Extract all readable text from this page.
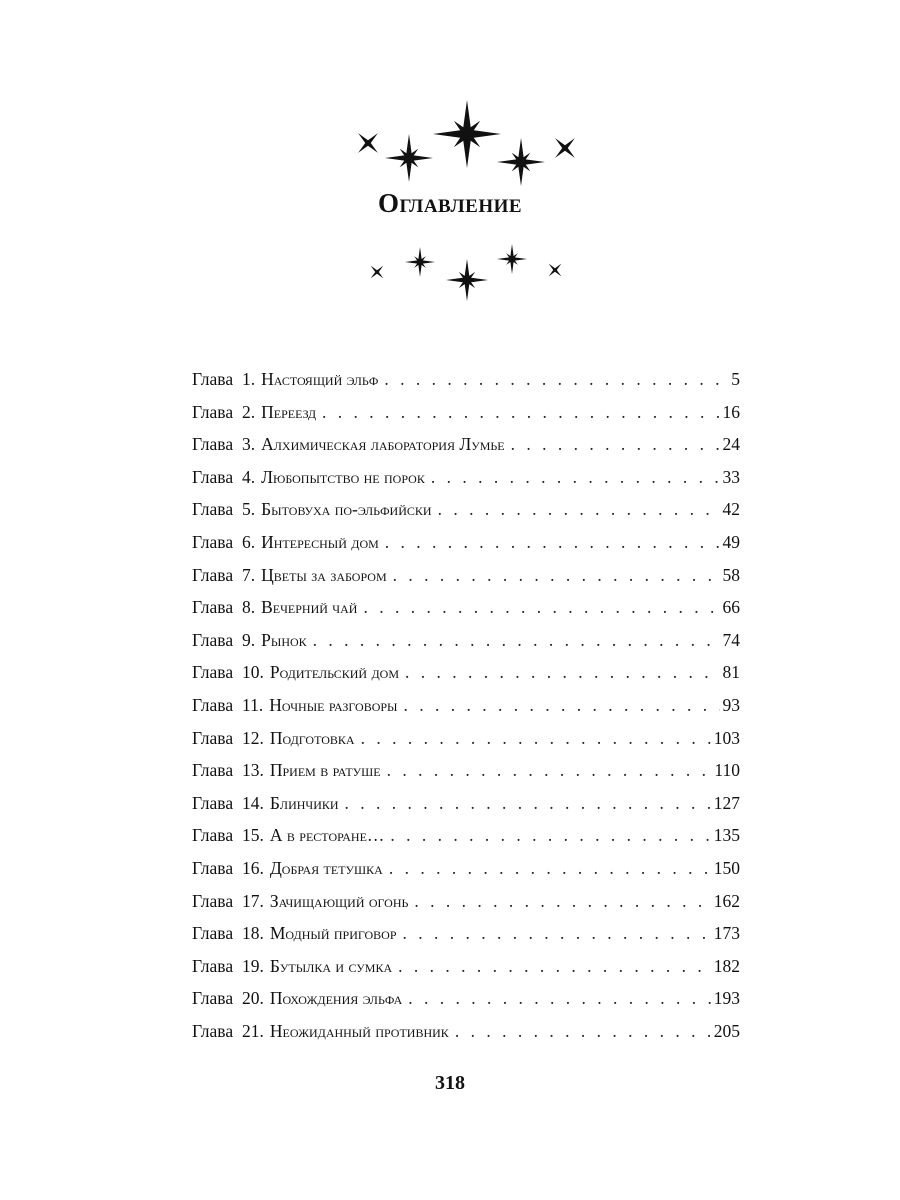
Оглавление
Глава 1. Настоящий эльф . . .	5
Глава 2. Переезд . . .	16
Глава 3. Алхимическая лаборатория Лумье . . .	24
Глава 4. Любопытство не порок . . .	33
Глава 5. Бытовуха по-эльфийски . . .	42
Глава 6. Интересный дом . . .	49
Глава 7. Цветы за забором . . .	58
Глава 8. Вечерний чай . . .	66
Глава 9. Рынок . . .	74
Глава 10. Родительский дом . . .	81
Глава 11. Ночные разговоры . . .	93
Глава 12. Подготовка . . .	103
Глава 13. Прием в ратуше . . .	110
Глава 14. Блинчики . . .	127
Глава 15. А в ресторане… . . .	135
Глава 16. Добрая тетушка . . .	150
Глава 17. Зачищающий огонь . . .	162
Глава 18. Модный приговор . . .	173
Глава 19. Бутылка и сумка . . .	182
Глава 20. Похождения эльфа . . .	193
Глава 21. Неожиданный противник . . .	205
318
